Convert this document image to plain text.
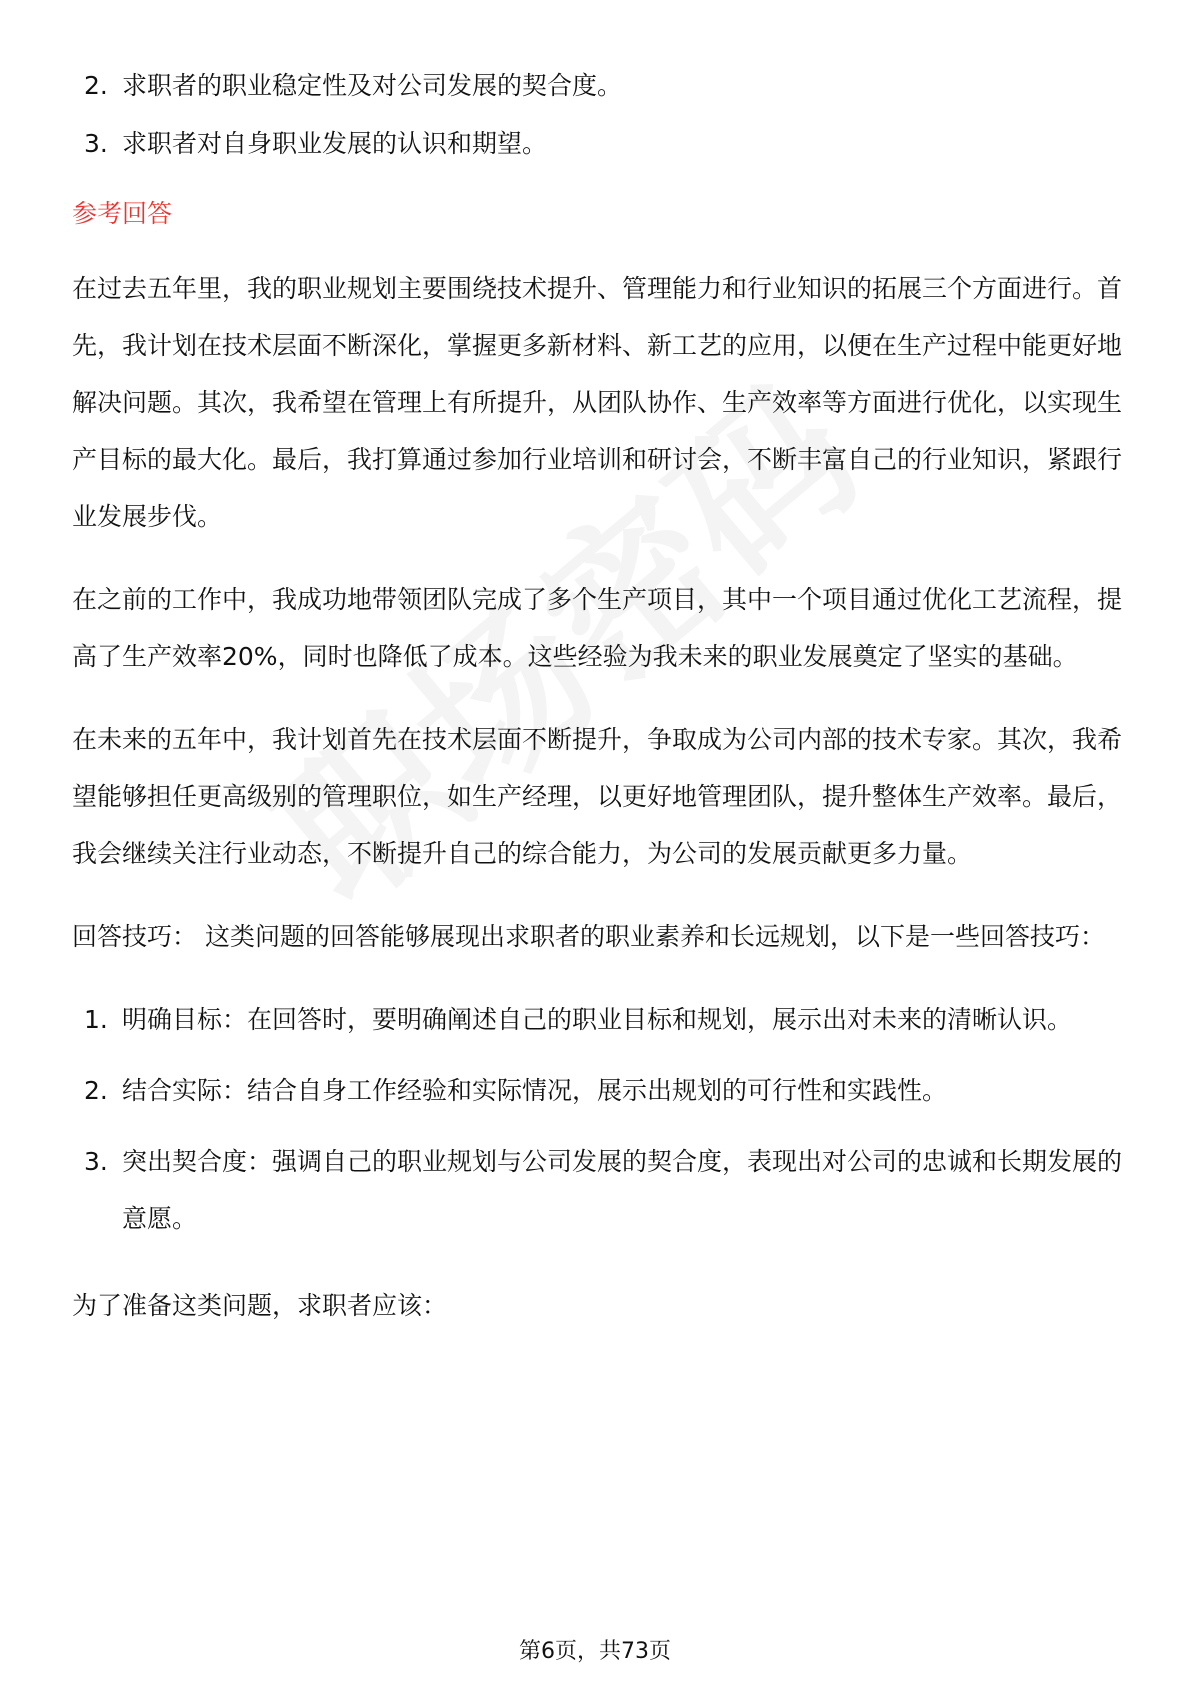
2. 求职者的职业稳定性及对公司发展的契合度。
3. 求职者对自身职业发展的认识和期望。
参考回答

在过去五年里，我的职业规划主要围绕技术提升、管理能力和行业知识的拓展三个方面进行。首先，我计划在技术层面不断深化，掌握更多新材料、新工艺的应用，以便在生产过程中能更好地解决问题。其次，我希望在管理上有所提升，从团队协作、生产效率等方面进行优化，以实现生产目标的最大化。最后，我打算通过参加行业培训和研讨会，不断丰富自己的行业知识，紧跟行业发展步伐。

在之前的工作中，我成功地带领团队完成了多个生产项目，其中一个项目通过优化工艺流程，提高了生产效率20%，同时也降低了成本。这些经验为我未来的职业发展奠定了坚实的基础。

在未来的五年中，我计划首先在技术层面不断提升，争取成为公司内部的技术专家。其次，我希望能够担任更高级别的管理职位，如生产经理，以更好地管理团队，提升整体生产效率。最后，我会继续关注行业动态，不断提升自己的综合能力，为公司的发展贡献更多力量。

回答技巧： 这类问题的回答能够展现出求职者的职业素养和长远规划，以下是一些回答技巧：

1. 明确目标：在回答时，要明确阐述自己的职业目标和规划，展示出对未来的清晰认识。
2. 结合实际：结合自身工作经验和实际情况，展示出规划的可行性和实践性。
3. 突出契合度：强调自己的职业规划与公司发展的契合度，表现出对公司的忠诚和长期发展的意愿。

为了准备这类问题，求职者应该：

第6页，共73页
